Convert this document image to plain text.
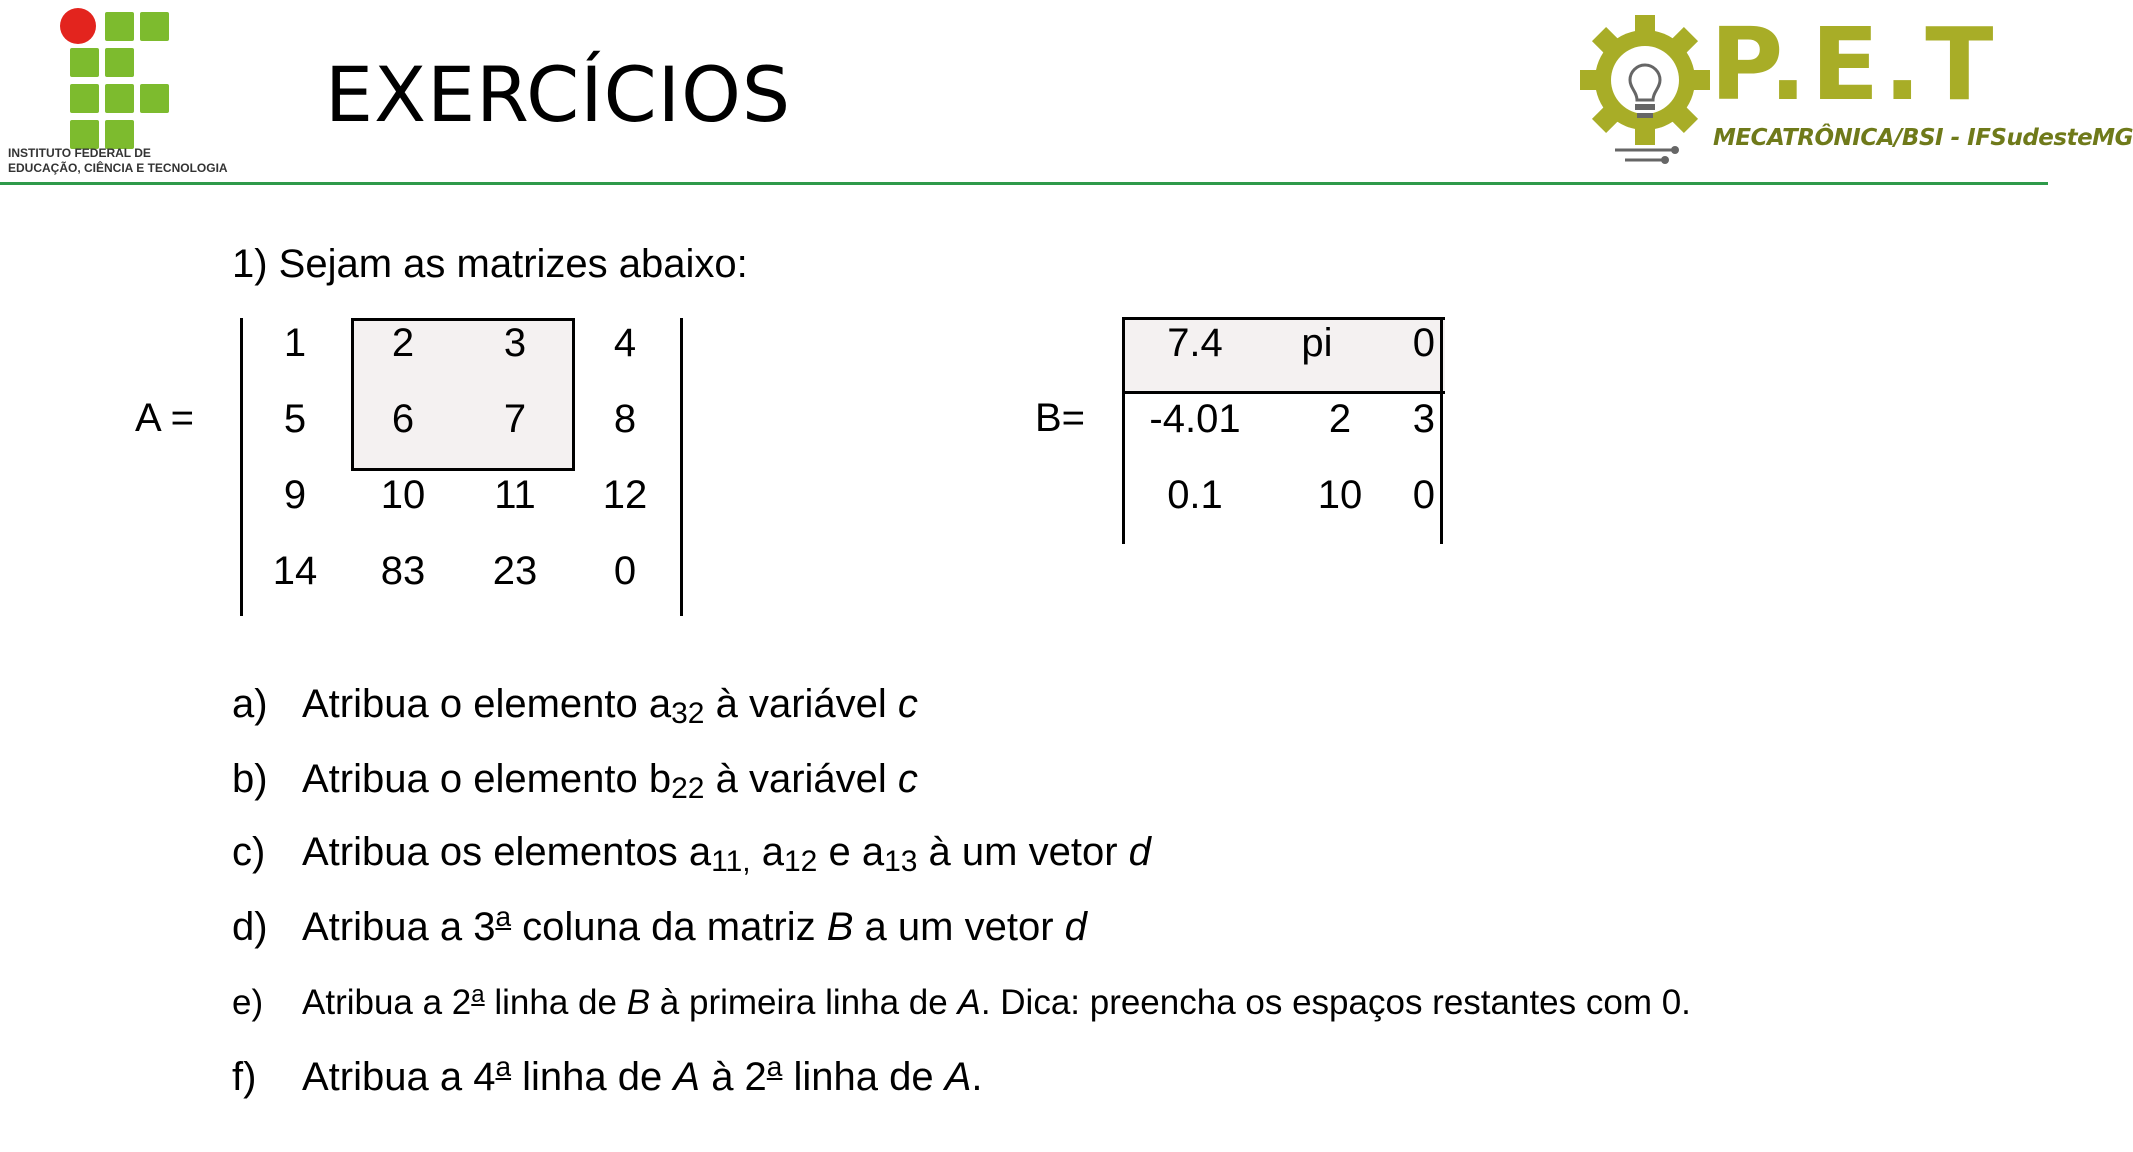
INSTITUTO FEDERAL DE
EDUCAÇÃO, CIÊNCIA E TECNOLOGIA
EXERCÍCIOS	P.E.T
MECATRÔNICA/BSI - IFSudesteMG
1) Sejam as matrizes abaixo:
A =
1	2	3	4
5	6	7	8
9	10	11	12
14	83	23	0
B=
7.4	pi	0
-4.01	2	3
0.1	10	0
a) Atribua o elemento a32 à variável c
b) Atribua o elemento b22 à variável c
c) Atribua os elementos a11, a12 e a13 à um vetor d
d) Atribua a 3$^a$ coluna da matriz B a um vetor d
e) Atribua a 2$^a$ linha de B à primeira linha de A. Dica: preencha os espaços restantes com 0.
f) Atribua a 4$^a$ linha de A à 2$^a$ linha de A.
